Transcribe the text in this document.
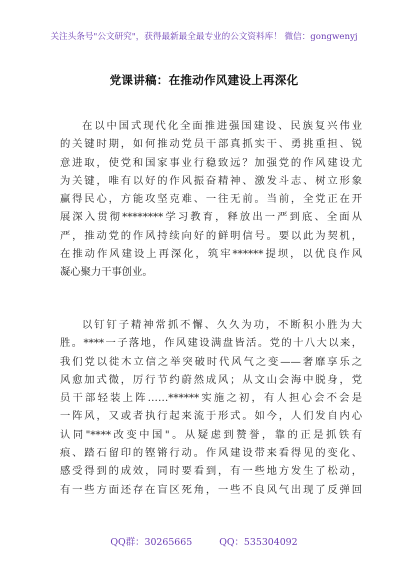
关注头条号"公文研究"，获得最新最全最专业的公文资料库！ 微信：gongwenyj
党课讲稿：在推动作风建设上再深化

在以中国式现代化全面推进强国建设、民族复兴伟业
的关键时期，如何推动党员干部真抓实干、勇挑重担、锐
意进取，使党和国家事业行稳致远？加强党的作风建设尤
为关键，唯有以好的作风振奋精神、激发斗志、树立形象
赢得民心，方能攻坚克难、一往无前。当前，全党正在开
展深入贯彻********学习教育，释放出一严到底、全面从
严，推动党的作风持续向好的鲜明信号。要以此为契机，
在推动作风建设上再深化，筑牢******提坝，以优良作风
凝心聚力干事创业。

以钉钉子精神常抓不懈、久久为功，不断积小胜为大
胜。****一子落地，作风建设满盘皆活。党的十八大以来，
我们党以徙木立信之举突破时代风气之变——奢靡享乐之
风愈加式微，厉行节约蔚然成风；从文山会海中脱身，党
员干部轻装上阵……******实施之初，有人担心会不会是
一阵风，又或者执行起来流于形式。如今，人们发自内心
认同"****改变中国"。从疑虑到赞誉，靠的正是抓铁有
痕、踏石留印的铿锵行动。作风建设带来看得见的变化、
感受得到的成效，同时要看到，有一些地方发生了松动，
有一些方面还存在盲区死角，一些不良风气出现了反弹回

QQ群：30265665	QQ：535304092
